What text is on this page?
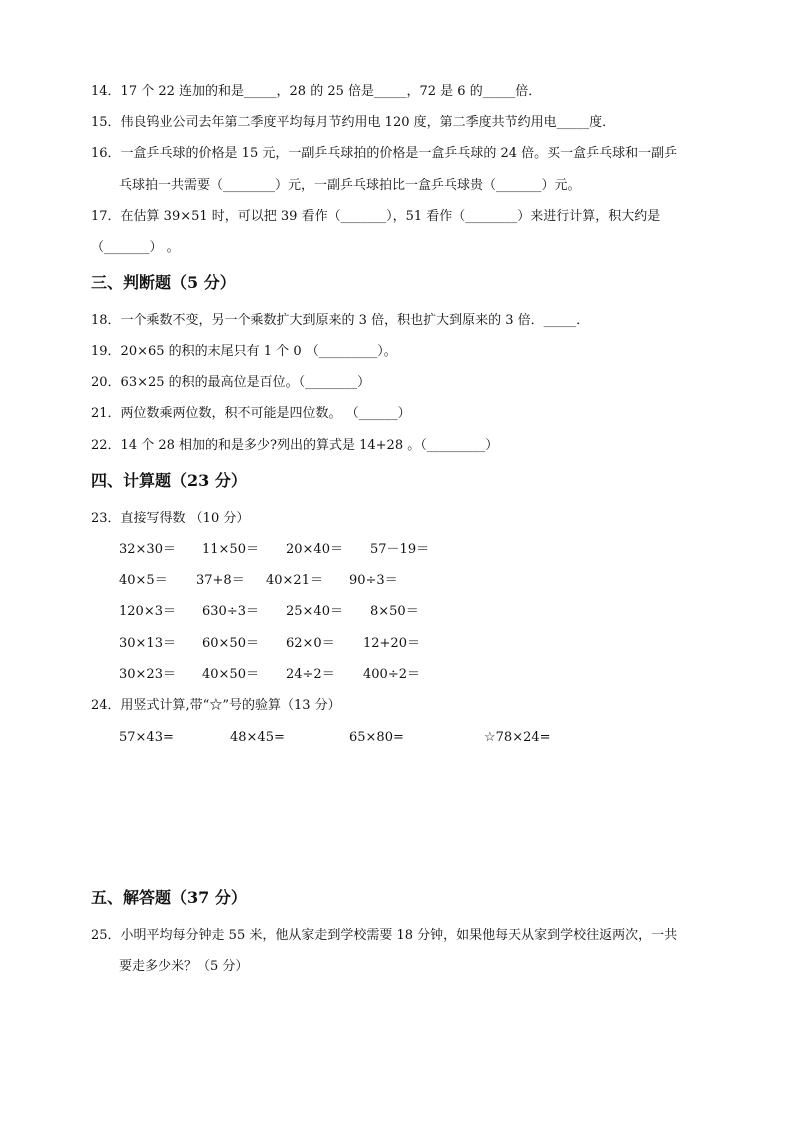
14．17 个 22 连加的和是_____，28 的 25 倍是_____，72 是 6 的_____倍．
15．伟良钨业公司去年第二季度平均每月节约用电 120 度，第二季度共节约用电_____度．
16．一盒乒乓球的价格是 15 元，一副乒乓球拍的价格是一盒乒乓球的 24 倍。买一盒乒乓球和一副乒
乓球拍一共需要（________）元，一副乒乓球拍比一盒乒乓球贵（_______）元。
17．在估算 39×51 时，可以把 39 看作（_______），51 看作（________）来进行计算，积大约是
（_______） 。
三、判断题（5 分）
18．一个乘数不变，另一个乘数扩大到原来的 3 倍，积也扩大到原来的 3 倍．_____．
19．20×65 的积的末尾只有 1 个 0 （_________）。
20．63×25 的积的最高位是百位。（________）
21．两位数乘两位数，积不可能是四位数。 （______）
22．14 个 28 相加的和是多少?列出的算式是 14+28 。（_________）
四、计算题（23 分）
23．直接写得数 （10 分）
32×30＝ 11×50＝ 20×40＝ 57－19＝
40×5＝ 37+8＝ 40×21＝ 90÷3＝
120×3＝ 630÷3＝ 25×40＝ 8×50＝
30×13＝ 60×50＝ 62×0＝ 12+20＝
30×23＝ 40×50＝ 24÷2＝ 400÷2＝
24．用竖式计算,带“☆”号的验算（13 分）
57×43=	48×45=	65×80=	☆78×24=
五、解答题（37 分）
25．小明平均每分钟走 55 米，他从家走到学校需要 18 分钟，如果他每天从家到学校往返两次，一共
要走多少米？（5 分）
